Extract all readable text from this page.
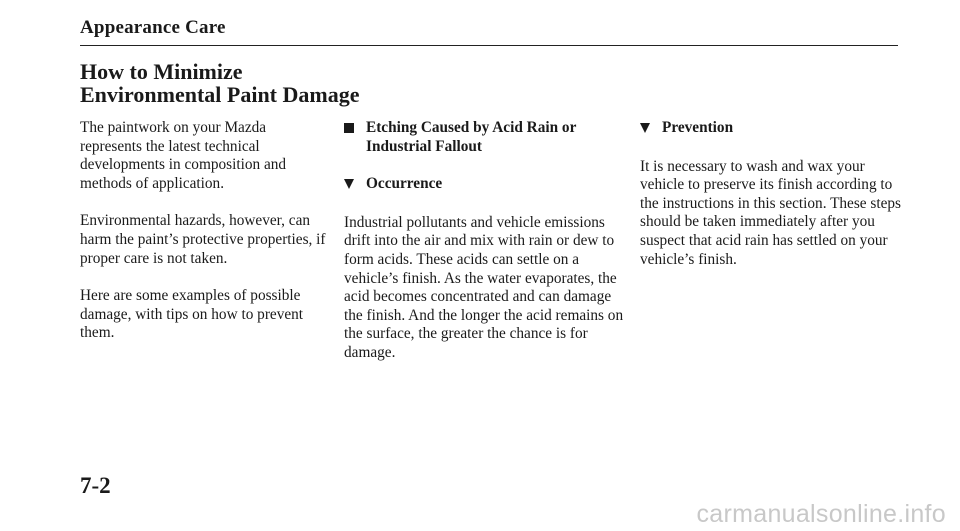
Appearance Care
How to Minimize
Environmental Paint Damage

The paintwork on your Mazda represents the latest technical developments in composition and methods of application.

Environmental hazards, however, can harm the paint’s protective properties, if proper care is not taken.

Here are some examples of possible damage, with tips on how to prevent them.

Etching Caused by Acid Rain or Industrial Fallout
Occurrence

Industrial pollutants and vehicle emissions drift into the air and mix with rain or dew to form acids. These acids can settle on a vehicle’s finish. As the water evaporates, the acid becomes concentrated and can damage the finish. And the longer the acid remains on the surface, the greater the chance is for damage.

Prevention

It is necessary to wash and wax your vehicle to preserve its finish according to the instructions in this section. These steps should be taken immediately after you suspect that acid rain has settled on your vehicle’s finish.

7-2
carmanualsonline.info
